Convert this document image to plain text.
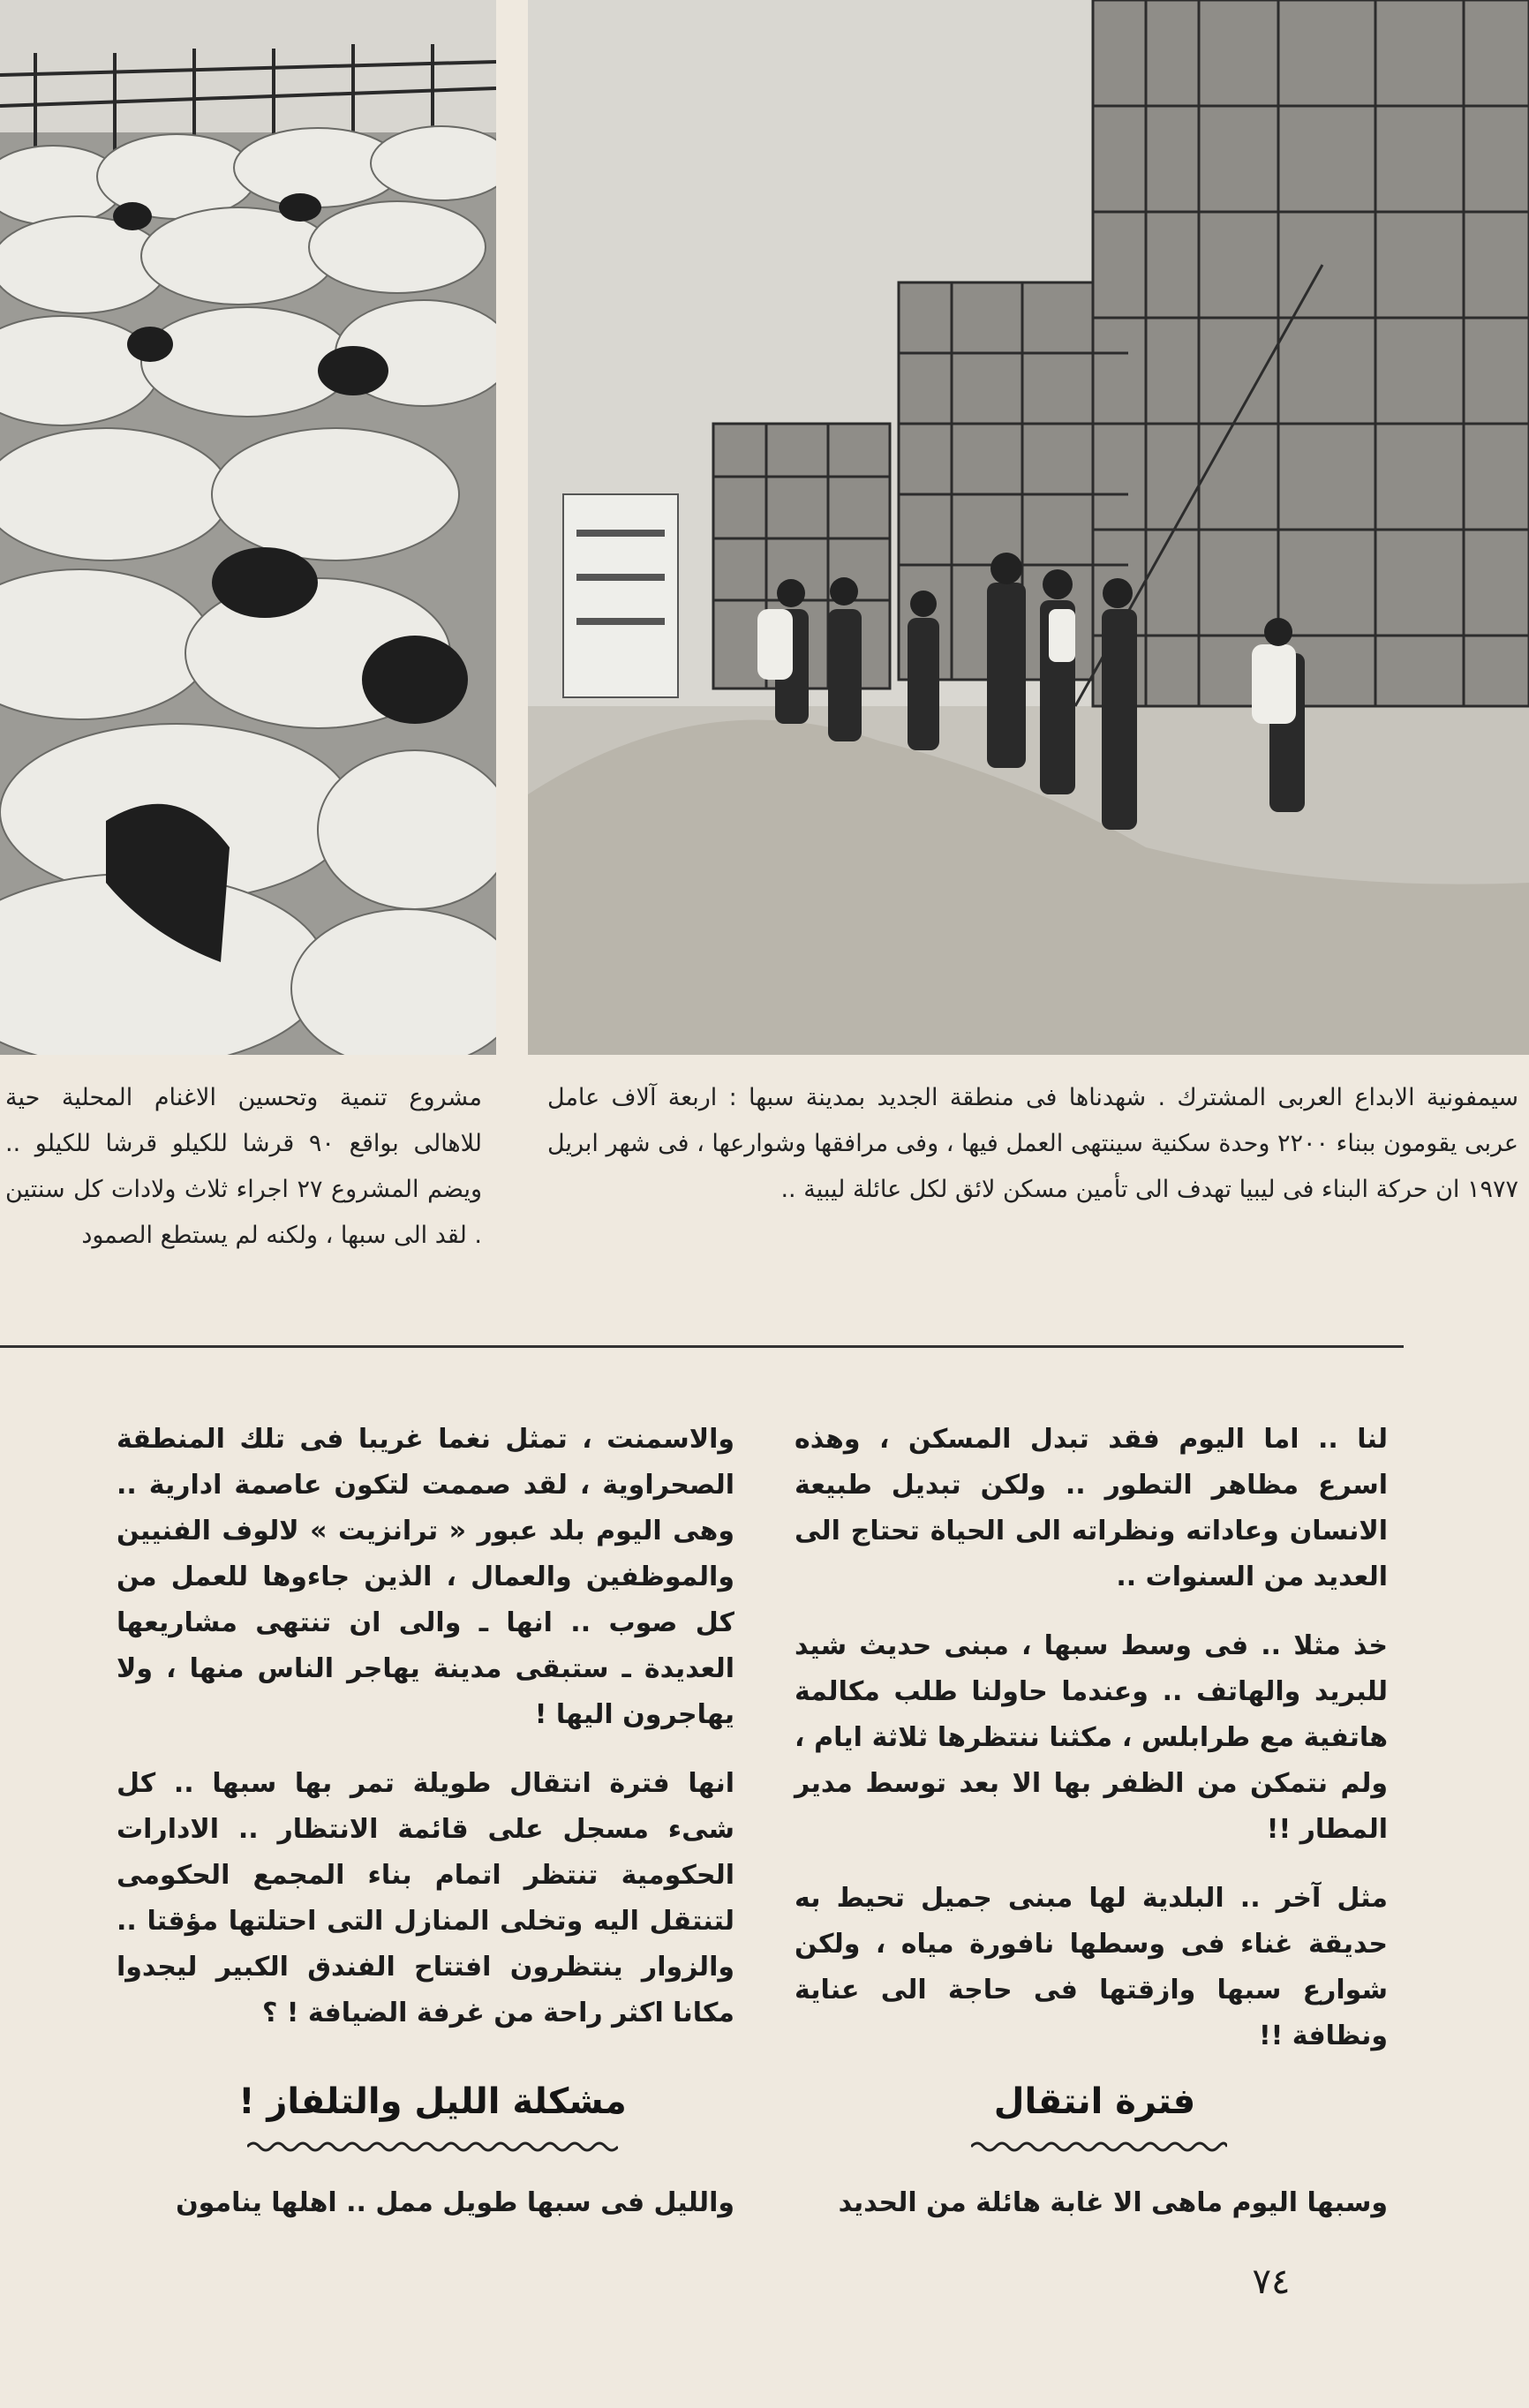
سيمفونية الابداع العربى المشترك . شهدناها فى منطقة الجديد بمدينة سبها : اربعة آلاف عامل عربى يقومون ببناء ٢٢٠٠ وحدة سكنية سينتهى العمل فيها ، وفى مرافقها وشوارعها ، فى شهر ابريل ١٩٧٧ ان حركة البناء فى ليبيا تهدف الى تأمين مسكن لائق لكل عائلة ليبية ..

مشروع تنمية وتحسين الاغنام المحلية حية للاهالى بواقع ٩٠ قرشا للكيلو قرشا للكيلو .. ويضم المشروع ٢٧ اجراء ثلاث ولادات كل سنتين . لقد الى سبها ، ولكنه لم يستطع الصمود

لنا .. اما اليوم فقد تبدل المسكن ، وهذه اسرع مظاهر التطور .. ولكن تبديل طبيعة الانسان وعاداته ونظراته الى الحياة تحتاج الى العديد من السنوات ..

خذ مثلا .. فى وسط سبها ، مبنى حديث شيد للبريد والهاتف .. وعندما حاولنا طلب مكالمة هاتفية مع طرابلس ، مكثنا ننتظرها ثلاثة ايام ، ولم نتمكن من الظفر بها الا بعد توسط مدير المطار !!

مثل آخر .. البلدية لها مبنى جميل تحيط به حديقة غناء فى وسطها نافورة مياه ، ولكن شوارع سبها وازقتها فى حاجة الى عناية ونظافة !!

والاسمنت ، تمثل نغما غريبا فى تلك المنطقة الصحراوية ، لقد صممت لتكون عاصمة ادارية .. وهى اليوم بلد عبور « ترانزيت » لالوف الفنيين والموظفين والعمال ، الذين جاءوها للعمل من كل صوب .. انها ـ والى ان تنتهى مشاريعها العديدة ـ ستبقى مدينة يهاجر الناس منها ، ولا يهاجرون اليها !

انها فترة انتقال طويلة تمر بها سبها .. كل شىء مسجل على قائمة الانتظار .. الادارات الحكومية تنتظر اتمام بناء المجمع الحكومى لتنتقل اليه وتخلى المنازل التى احتلتها مؤقتا .. والزوار ينتظرون افتتاح الفندق الكبير ليجدوا مكانا اكثر راحة من غرفة الضيافة ! ؟

فترة انتقال
مشكلة الليل والتلفاز !
وسبها اليوم ماهى الا غابة هائلة من الحديد
والليل فى سبها طويل ممل .. اهلها ينامون
٧٤
